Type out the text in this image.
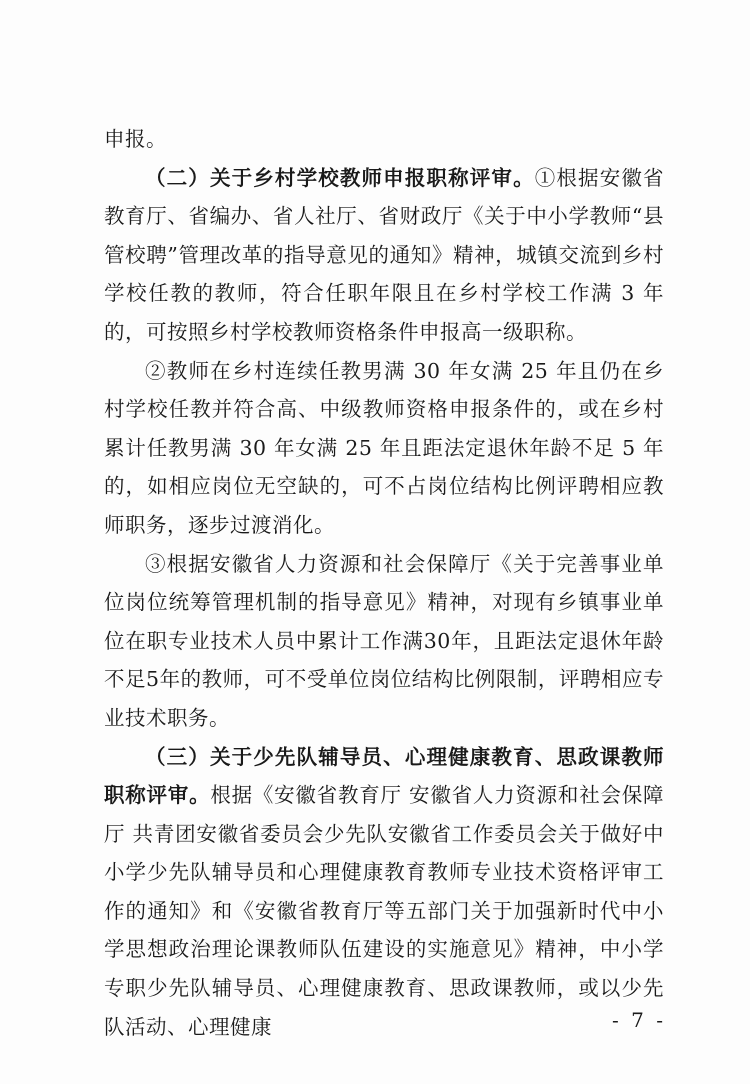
申报。

（二）关于乡村学校教师申报职称评审。①根据安徽省教育厅、省编办、省人社厅、省财政厅《关于中小学教师“县管校聘”管理改革的指导意见的通知》精神，城镇交流到乡村学校任教的教师，符合任职年限且在乡村学校工作满 3 年的，可按照乡村学校教师资格条件申报高一级职称。

②教师在乡村连续任教男满 30 年女满 25 年且仍在乡村学校任教并符合高、中级教师资格申报条件的，或在乡村累计任教男满 30 年女满 25 年且距法定退休年龄不足 5 年的，如相应岗位无空缺的，可不占岗位结构比例评聘相应教师职务，逐步过渡消化。

③根据安徽省人力资源和社会保障厅《关于完善事业单位岗位统筹管理机制的指导意见》精神，对现有乡镇事业单位在职专业技术人员中累计工作满30年，且距法定退休年龄不足5年的教师，可不受单位岗位结构比例限制，评聘相应专业技术职务。

（三）关于少先队辅导员、心理健康教育、思政课教师职称评审。根据《安徽省教育厅 安徽省人力资源和社会保障厅 共青团安徽省委员会少先队安徽省工作委员会关于做好中小学少先队辅导员和心理健康教育教师专业技术资格评审工作的通知》和《安徽省教育厅等五部门关于加强新时代中小学思想政治理论课教师队伍建设的实施意见》精神，中小学专职少先队辅导员、心理健康教育、思政课教师，或以少先队活动、心理健康	- 7 -
